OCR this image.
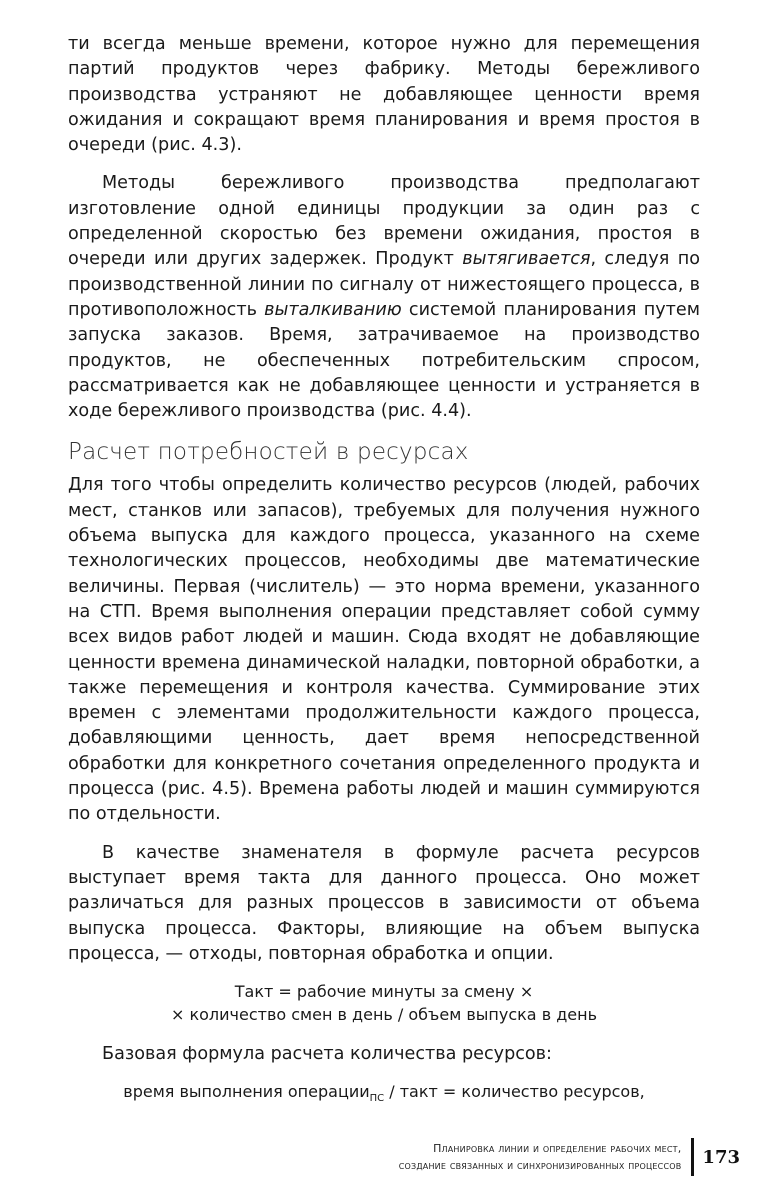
ти всегда меньше времени, которое нужно для перемещения партий продуктов через фабрику. Методы бережливого производства устраняют не добавляющее ценности время ожидания и сокращают время планирования и время простоя в очереди (рис. 4.3).

Методы бережливого производства предполагают изготовление одной единицы продукции за один раз с определенной скоростью без времени ожидания, простоя в очереди или других задержек. Продукт вытягивается, следуя по производственной линии по сигналу от нижестоящего процесса, в противоположность выталкиванию системой планирования путем запуска заказов. Время, затрачиваемое на производство продуктов, не обеспеченных потребительским спросом, рассматривается как не добавляющее ценности и устраняется в ходе бережливого производства (рис. 4.4).

Расчет потребностей в ресурсах

Для того чтобы определить количество ресурсов (людей, рабочих мест, станков или запасов), требуемых для получения нужного объема выпуска для каждого процесса, указанного на схеме технологических процессов, необходимы две математические величины. Первая (числитель) — это норма времени, указанного на СТП. Время выполнения операции представляет собой сумму всех видов работ людей и машин. Сюда входят не добавляющие ценности времена динамической наладки, повторной обработки, а также перемещения и контроля качества. Суммирование этих времен с элементами продолжительности каждого процесса, добавляющими ценность, дает время непосредственной обработки для конкретного сочетания определенного продукта и процесса (рис. 4.5). Времена работы людей и машин суммируются по отдельности.

В качестве знаменателя в формуле расчета ресурсов выступает время такта для данного процесса. Оно может различаться для разных процессов в зависимости от объема выпуска процесса. Факторы, влияющие на объем выпуска процесса, — отходы, повторная обработка и опции.

Такт = рабочие минуты за смену ×
× количество смен в день / объем выпуска в день

Базовая формула расчета количества ресурсов:

время выполнения операции$_{ПС}$ / такт = количество ресурсов,

Планировка линии и определение рабочих мест,
создание связанных и синхронизированных процессов 173
